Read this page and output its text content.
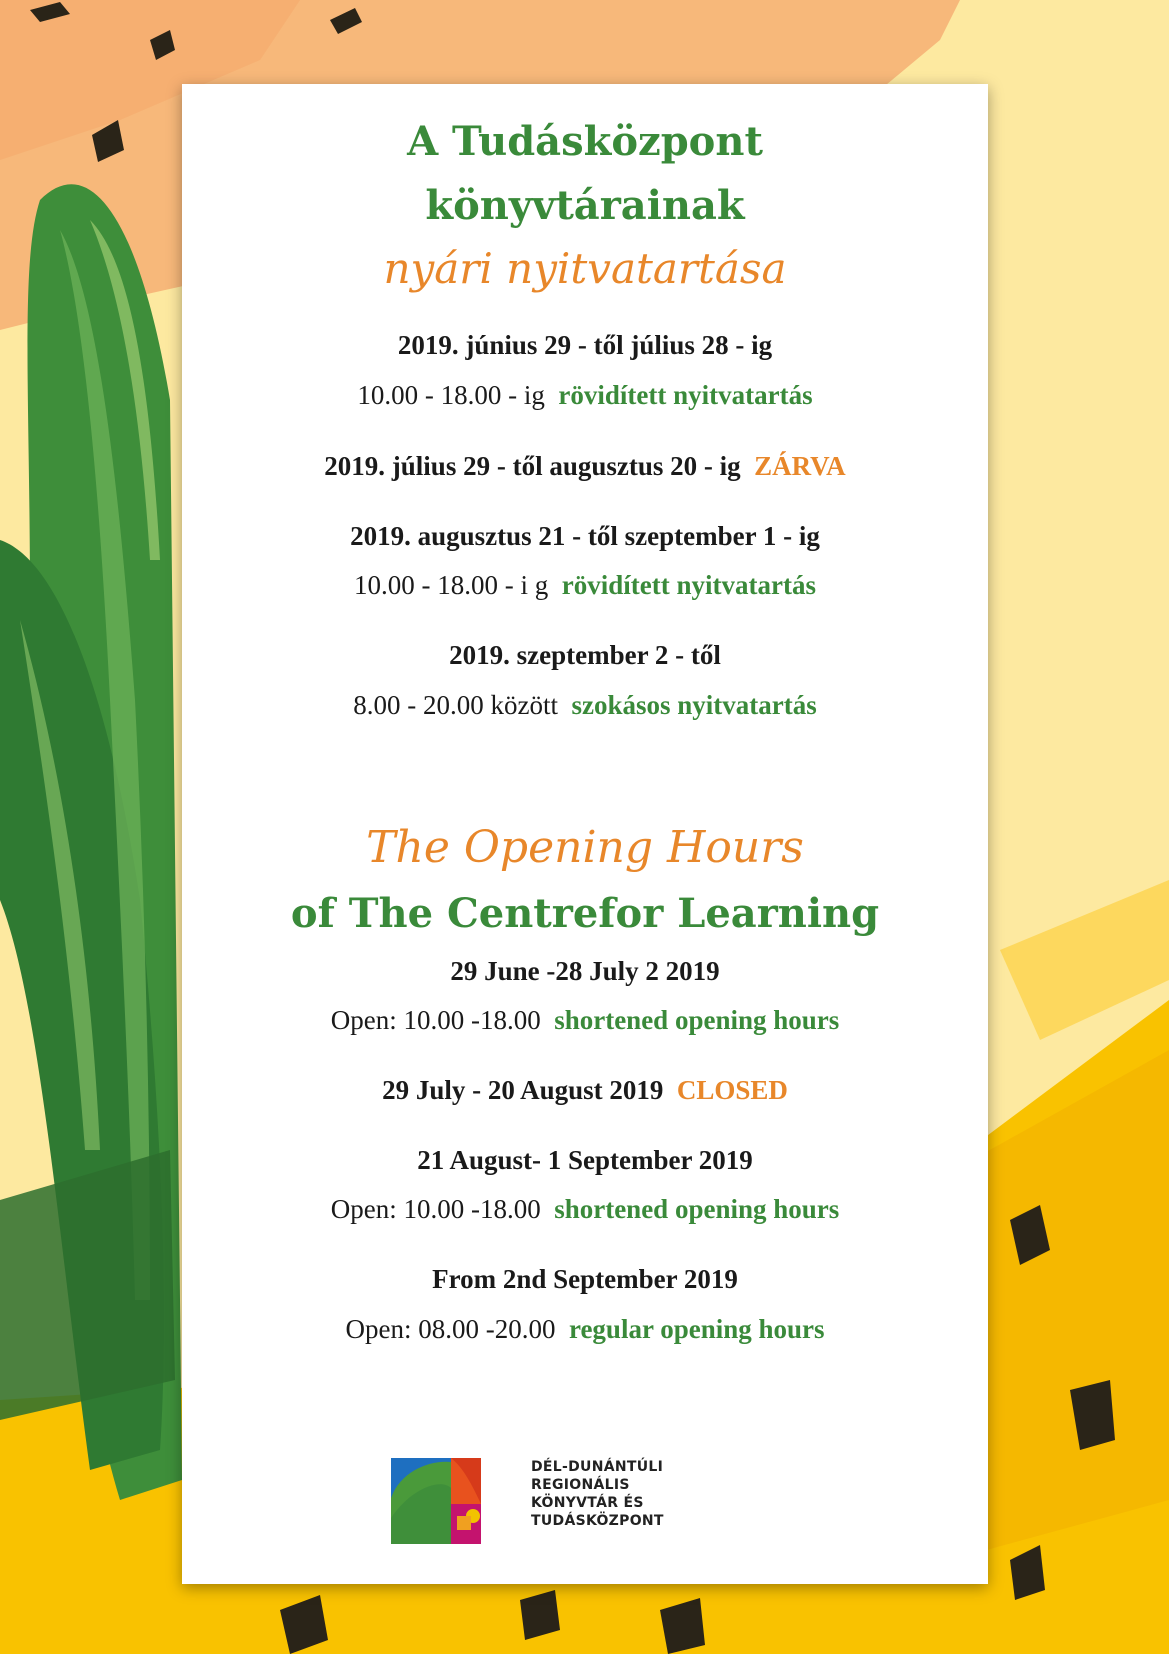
A Tudásközpont
könyvtárainak
nyári nyitvatartása
2019. június 29 - től július 28 - ig
10.00 - 18.00 - ig rövidített nyitvatartás
2019. július 29 - től augusztus 20 - ig ZÁRVA
2019. augusztus 21 - től szeptember 1 - ig
10.00 - 18.00 - i g rövidített nyitvatartás
2019. szeptember 2 - től
8.00 - 20.00 között szokásos nyitvatartás
The Opening Hours
of The Centrefor Learning
29 June -28 July 2 2019
Open: 10.00 -18.00 shortened opening hours
29 July - 20 August 2019 CLOSED
21 August- 1 September 2019
Open: 10.00 -18.00 shortened opening hours
From 2nd September 2019
Open: 08.00 -20.00 regular opening hours
DÉL-DUNÁNTÚLI
REGIONÁLIS
KÖNYVTÁR ÉS
TUDÁSKÖZPONT
